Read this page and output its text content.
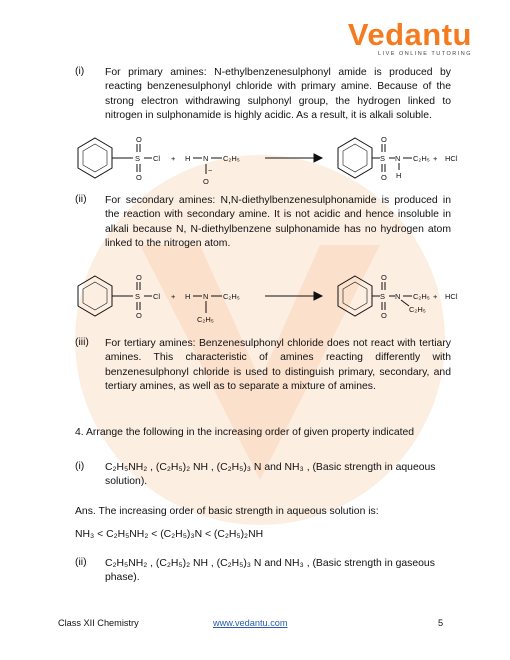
Vedantu
LIVE ONLINE TUTORING
(i) For primary amines: N-ethylbenzenesulphonyl amide is produced by reacting benzenesulphonyl chloride with primary amine. Because of the strong electron withdrawing sulphonyl group, the hydrogen linked to nitrogen in sulphonamide is highly acidic. As a result, it is alkali soluble.
O
S
O
Cl + H N C₂H₅
−
O
O
S
O
N C₂H₅
H
+ HCl
(ii) For secondary amines: N,N-diethylbenzenesulphonamide is produced in the reaction with secondary amine. It is not acidic and hence insoluble in alkali because N, N-diethylbenzene sulphonamide has no hydrogen atom linked to the nitrogen atom.
O
S
O
Cl + H N C₂H₅
C₂H₅
O
S
O
N C₂H₅
C₂H₅
+ HCl
(iii) For tertiary amines: Benzenesulphonyl chloride does not react with tertiary amines. This characteristic of amines reacting differently with benzenesulphonyl chloride is used to distinguish primary, secondary, and tertiary amines, as well as to separate a mixture of amines.
4. Arrange the following in the increasing order of given property indicated
(i) C₂H₅NH₂ , (C₂H₅)₂ NH , (C₂H₅)₃ N and NH₃ , (Basic strength in aqueous solution).
Ans. The increasing order of basic strength in aqueous solution is:
NH₃ < C₂H₅NH₂ < (C₂H₅)₃N < (C₂H₅)₂NH
(ii) C₂H₅NH₂ , (C₂H₅)₂ NH , (C₂H₅)₃ N and NH₃ , (Basic strength in gaseous phase).
Class XII Chemistry	www.vedantu.com	5
